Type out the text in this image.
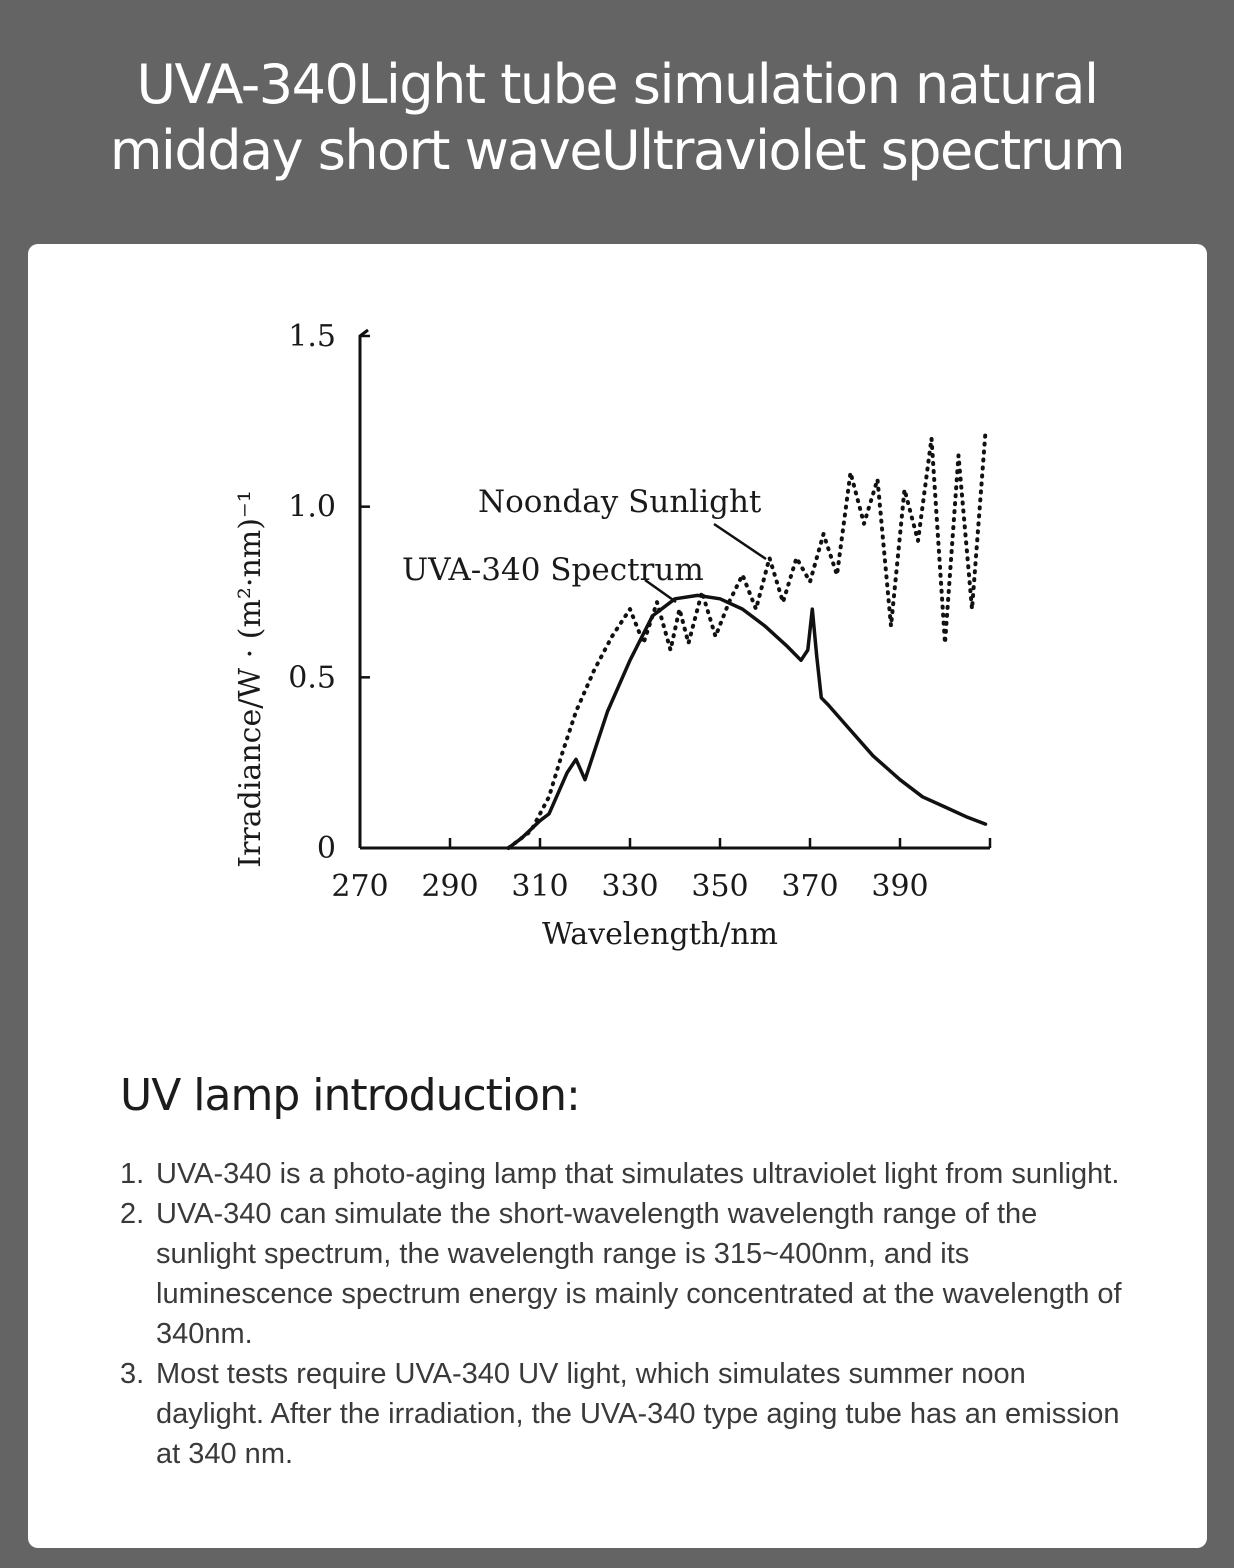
UVA-340Light tube simulation natural
midday short waveUltraviolet spectrum
270 290 310 330 350 370 390
0
0.5
1.0
1.5
Noonday Sunlight
UVA-340 Spectrum
Wavelength/nm
Irradiance/W · (m²·nm)⁻¹
UV lamp introduction:
1. UVA-340 is a photo-aging lamp that simulates ultraviolet light from sunlight.
2. UVA-340 can simulate the short-wavelength wavelength range of the sunlight spectrum, the wavelength range is 315~400nm, and its luminescence spectrum energy is mainly concentrated at the wavelength of 340nm.
3. Most tests require UVA-340 UV light, which simulates summer noon daylight. After the irradiation, the UVA-340 type aging tube has an emission at 340 nm.
